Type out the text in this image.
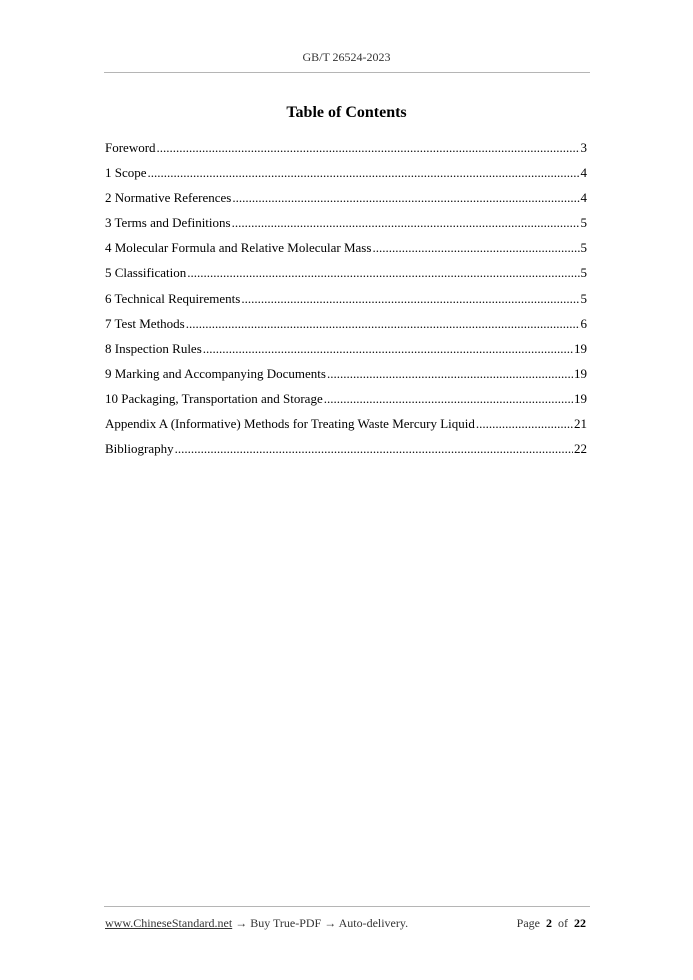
GB/T 26524-2023
Table of Contents
Foreword .....	3
1 Scope .....	4
2 Normative References .....	4
3 Terms and Definitions .....	5
4 Molecular Formula and Relative Molecular Mass .....	5
5 Classification .....	5
6 Technical Requirements .....	5
7 Test Methods .....	6
8 Inspection Rules .....	19
9 Marking and Accompanying Documents .....	19
10 Packaging, Transportation and Storage .....	19
Appendix A (Informative) Methods for Treating Waste Mercury Liquid .....	21
Bibliography .....	22
www.ChineseStandard.net → Buy True-PDF → Auto-delivery.	Page 2 of 22
